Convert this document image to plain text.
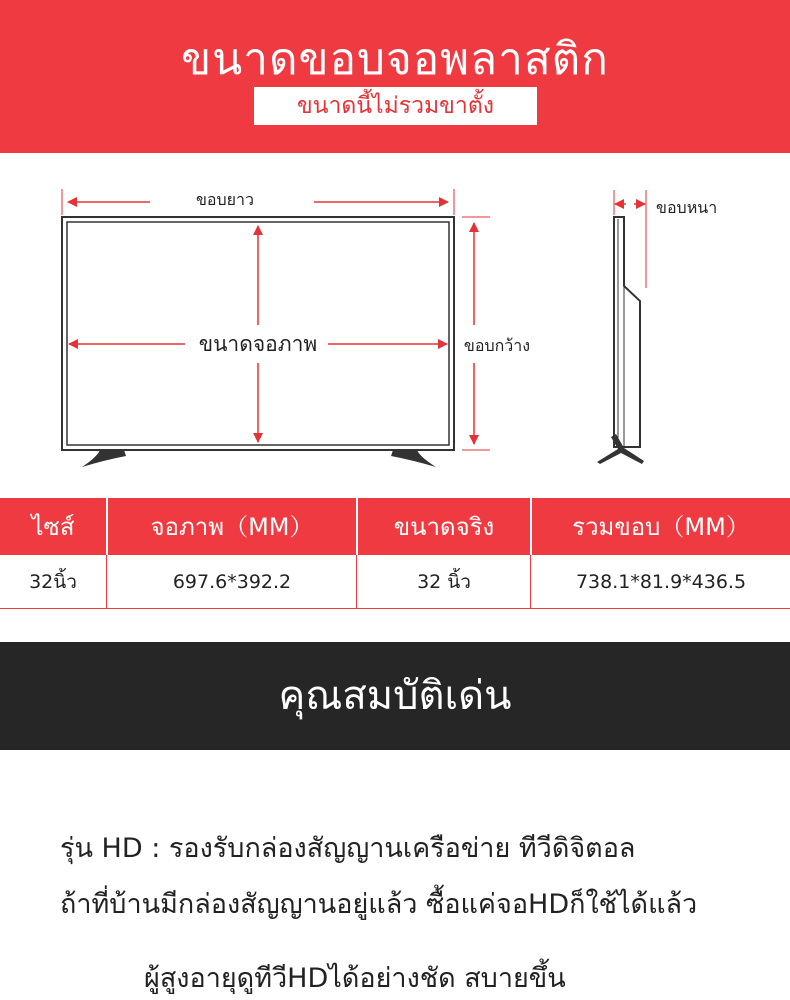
ขนาดขอบจอพลาสติก
ขนาดนี้ไม่รวมขาตั้ง
ขอบยาว
ขนาดจอภาพ	ขอบกว้าง
ขอบหนา
ไซส์	จอภาพ（MM）	ขนาดจริง	รวมขอบ（MM）
32นิ้ว	697.6*392.2	32 นิ้ว	738.1*81.9*436.5
คุณสมบัติเด่น
รุ่น HD : รองรับกล่องสัญญานเครือข่าย ทีวีดิจิตอล
ถ้าที่บ้านมีกล่องสัญญานอยู่แล้ว ซื้อแค่จอHDก็ใช้ได้แล้ว
ผู้สูงอายุดูทีวีHDได้อย่างชัด สบายขึ้น
